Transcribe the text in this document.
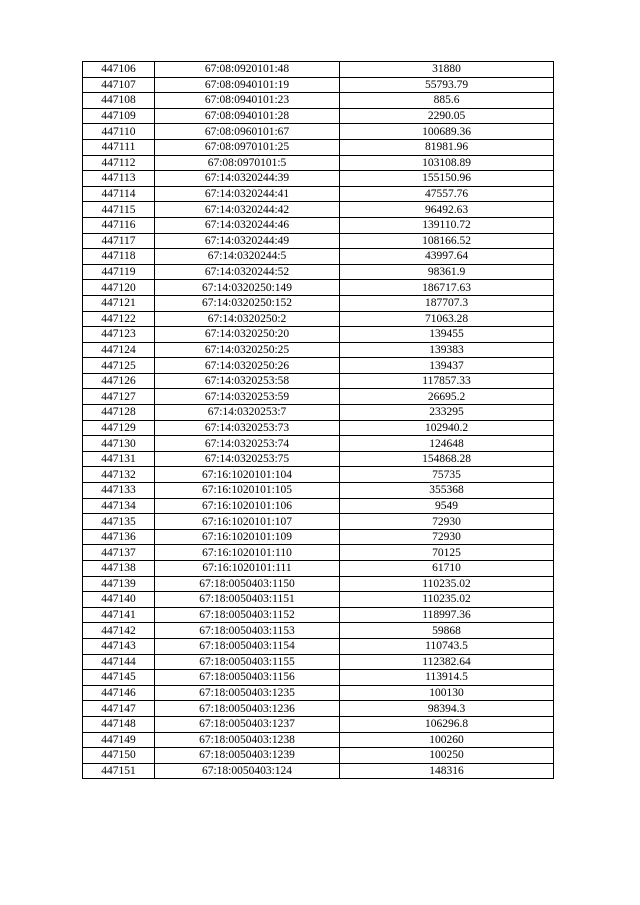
447106	67:08:0920101:48	31880
447107	67:08:0940101:19	55793.79
447108	67:08:0940101:23	885.6
447109	67:08:0940101:28	2290.05
447110	67:08:0960101:67	100689.36
447111	67:08:0970101:25	81981.96
447112	67:08:0970101:5	103108.89
447113	67:14:0320244:39	155150.96
447114	67:14:0320244:41	47557.76
447115	67:14:0320244:42	96492.63
447116	67:14:0320244:46	139110.72
447117	67:14:0320244:49	108166.52
447118	67:14:0320244:5	43997.64
447119	67:14:0320244:52	98361.9
447120	67:14:0320250:149	186717.63
447121	67:14:0320250:152	187707.3
447122	67:14:0320250:2	71063.28
447123	67:14:0320250:20	139455
447124	67:14:0320250:25	139383
447125	67:14:0320250:26	139437
447126	67:14:0320253:58	117857.33
447127	67:14:0320253:59	26695.2
447128	67:14:0320253:7	233295
447129	67:14:0320253:73	102940.2
447130	67:14:0320253:74	124648
447131	67:14:0320253:75	154868.28
447132	67:16:1020101:104	75735
447133	67:16:1020101:105	355368
447134	67:16:1020101:106	9549
447135	67:16:1020101:107	72930
447136	67:16:1020101:109	72930
447137	67:16:1020101:110	70125
447138	67:16:1020101:111	61710
447139	67:18:0050403:1150	110235.02
447140	67:18:0050403:1151	110235.02
447141	67:18:0050403:1152	118997.36
447142	67:18:0050403:1153	59868
447143	67:18:0050403:1154	110743.5
447144	67:18:0050403:1155	112382.64
447145	67:18:0050403:1156	113914.5
447146	67:18:0050403:1235	100130
447147	67:18:0050403:1236	98394.3
447148	67:18:0050403:1237	106296.8
447149	67:18:0050403:1238	100260
447150	67:18:0050403:1239	100250
447151	67:18:0050403:124	148316
